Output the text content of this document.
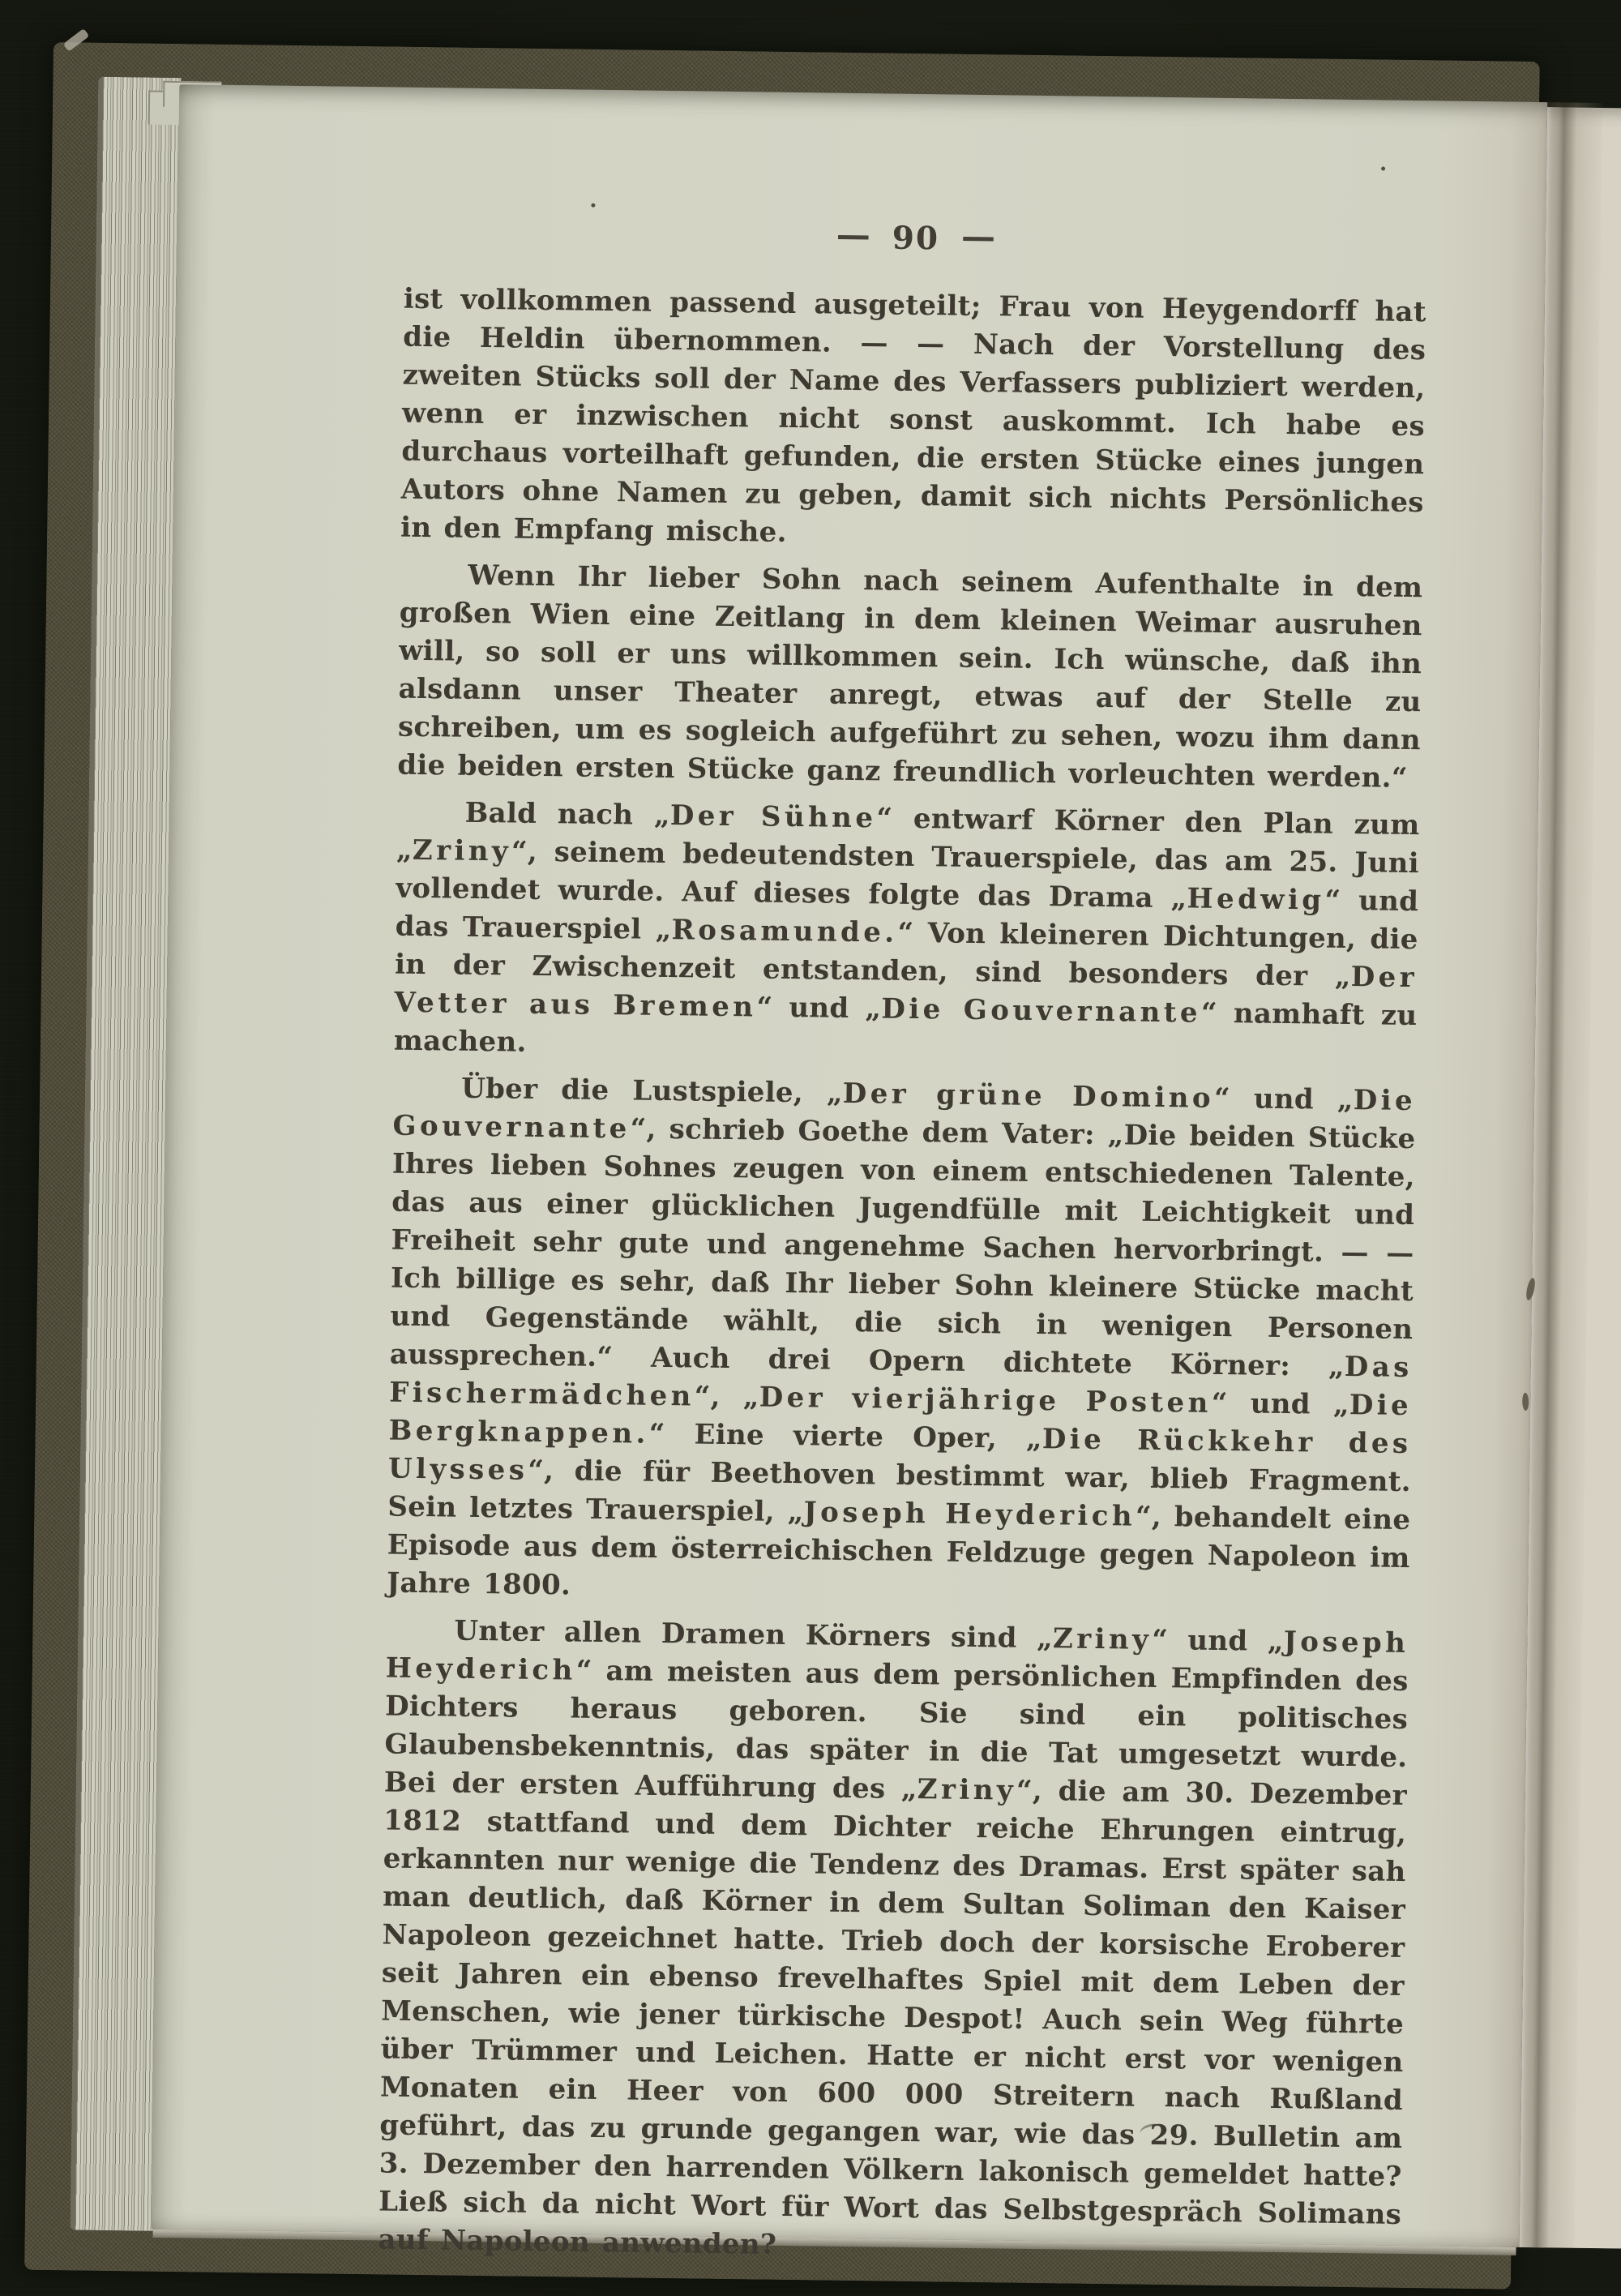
— 90 —

ist vollkommen passend ausgeteilt; Frau von Heygendorff hat die Heldin übernommen. — — Nach der Vorstellung des zweiten Stücks soll der Name des Verfassers publiziert werden, wenn er inzwischen nicht sonst auskommt. Ich habe es durchaus vorteilhaft gefunden, die ersten Stücke eines jungen Autors ohne Namen zu geben, damit sich nichts Persönliches in den Empfang mische.

Wenn Ihr lieber Sohn nach seinem Aufenthalte in dem großen Wien eine Zeitlang in dem kleinen Weimar ausruhen will, so soll er uns willkommen sein. Ich wünsche, daß ihn alsdann unser Theater anregt, etwas auf der Stelle zu schreiben, um es sogleich aufgeführt zu sehen, wozu ihm dann die beiden ersten Stücke ganz freundlich vorleuchten werden.“

Bald nach „Der Sühne“ entwarf Körner den Plan zum „Zriny“, seinem bedeutendsten Trauerspiele, das am 25. Juni vollendet wurde. Auf dieses folgte das Drama „Hedwig“ und das Trauerspiel „Rosamunde.“ Von kleineren Dichtungen, die in der Zwischenzeit entstanden, sind besonders der „Der Vetter aus Bremen“ und „Die Gouvernante“ namhaft zu machen.

Über die Lustspiele, „Der grüne Domino“ und „Die Gouvernante“, schrieb Goethe dem Vater: „Die beiden Stücke Ihres lieben Sohnes zeugen von einem entschiedenen Talente, das aus einer glücklichen Jugendfülle mit Leichtigkeit und Freiheit sehr gute und angenehme Sachen hervorbringt. — — Ich billige es sehr, daß Ihr lieber Sohn kleinere Stücke macht und Gegenstände wählt, die sich in wenigen Personen aussprechen.“ Auch drei Opern dichtete Körner: „Das Fischermädchen“, „Der vierjährige Posten“ und „Die Bergknappen.“ Eine vierte Oper, „Die Rückkehr des Ulysses“, die für Beethoven bestimmt war, blieb Fragment. Sein letztes Trauerspiel, „Joseph Heyderich“, behandelt eine Episode aus dem österreichischen Feldzuge gegen Napoleon im Jahre 1800.

Unter allen Dramen Körners sind „Zriny“ und „Joseph Heyderich“ am meisten aus dem persönlichen Empfinden des Dichters heraus geboren. Sie sind ein politisches Glaubensbekenntnis, das später in die Tat umgesetzt wurde. Bei der ersten Aufführung des „Zriny“, die am 30. Dezember 1812 stattfand und dem Dichter reiche Ehrungen eintrug, erkannten nur wenige die Tendenz des Dramas. Erst später sah man deutlich, daß Körner in dem Sultan Soliman den Kaiser Napoleon gezeichnet hatte. Trieb doch der korsische Eroberer seit Jahren ein ebenso frevelhaftes Spiel mit dem Leben der Menschen, wie jener türkische Despot! Auch sein Weg führte über Trümmer und Leichen. Hatte er nicht erst vor wenigen Monaten ein Heer von 600 000 Streitern nach Rußland geführt, das zu grunde gegangen war, wie das 29. Bulletin am 3. Dezember den harrenden Völkern lakonisch gemeldet hatte? Ließ sich da nicht Wort für Wort das Selbstgespräch Solimans auf Napoleon anwenden?
